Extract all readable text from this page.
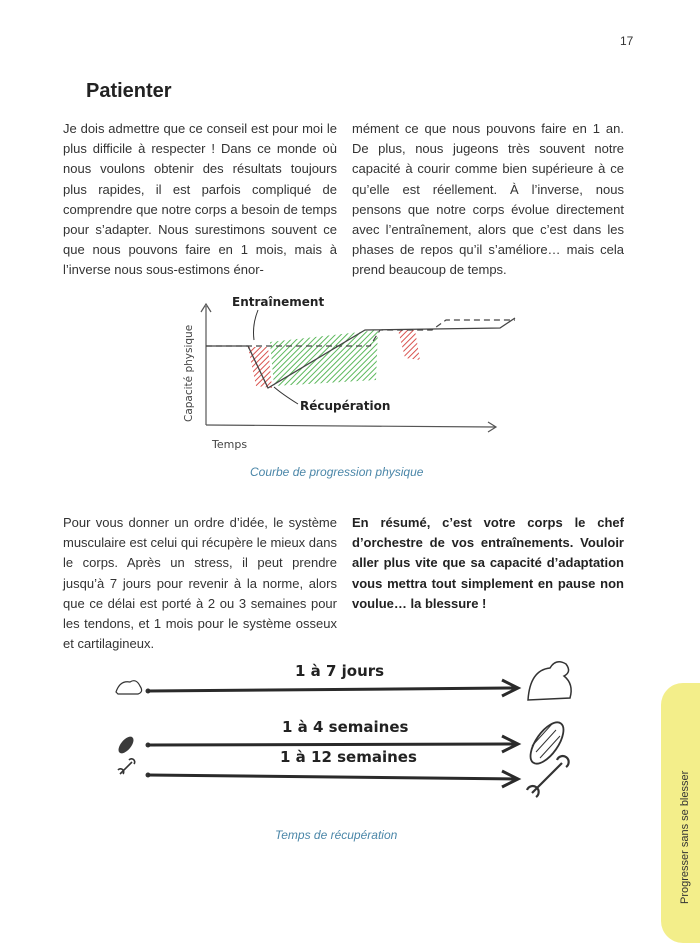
17
Patienter

Je dois admettre que ce conseil est pour moi le plus difficile à respecter ! Dans ce monde où nous voulons obtenir des résultats toujours plus rapides, il est parfois compliqué de comprendre que notre corps a besoin de temps pour s’adapter. Nous surestimons souvent ce que nous pouvons faire en 1 mois, mais à l’inverse nous sous-estimons énor-

mément ce que nous pouvons faire en 1 an. De plus, nous jugeons très souvent notre capacité à courir comme bien supérieure à ce qu’elle est réellement. À l’inverse, nous pensons que notre corps évolue directement avec l’entraînement, alors que c’est dans les phases de repos qu’il s’améliore… mais cela prend beaucoup de temps.

Capacité physique
Temps
Entraînement
Récupération
Courbe de progression physique

Pour vous donner un ordre d’idée, le système musculaire est celui qui récupère le mieux dans le corps. Après un stress, il peut prendre jusqu’à 7 jours pour revenir à la norme, alors que ce délai est porté à 2 ou 3 semaines pour les tendons, et 1 mois pour le système osseux et cartilagineux.

En résumé, c’est votre corps le chef d’orchestre de vos entraînements. Vouloir aller plus vite que sa capacité d’adaptation vous mettra tout simplement en pause non voulue… la blessure !

1 à 7 jours
1 à 4 semaines
1 à 12 semaines
Temps de récupération	Progresser sans se blesser
